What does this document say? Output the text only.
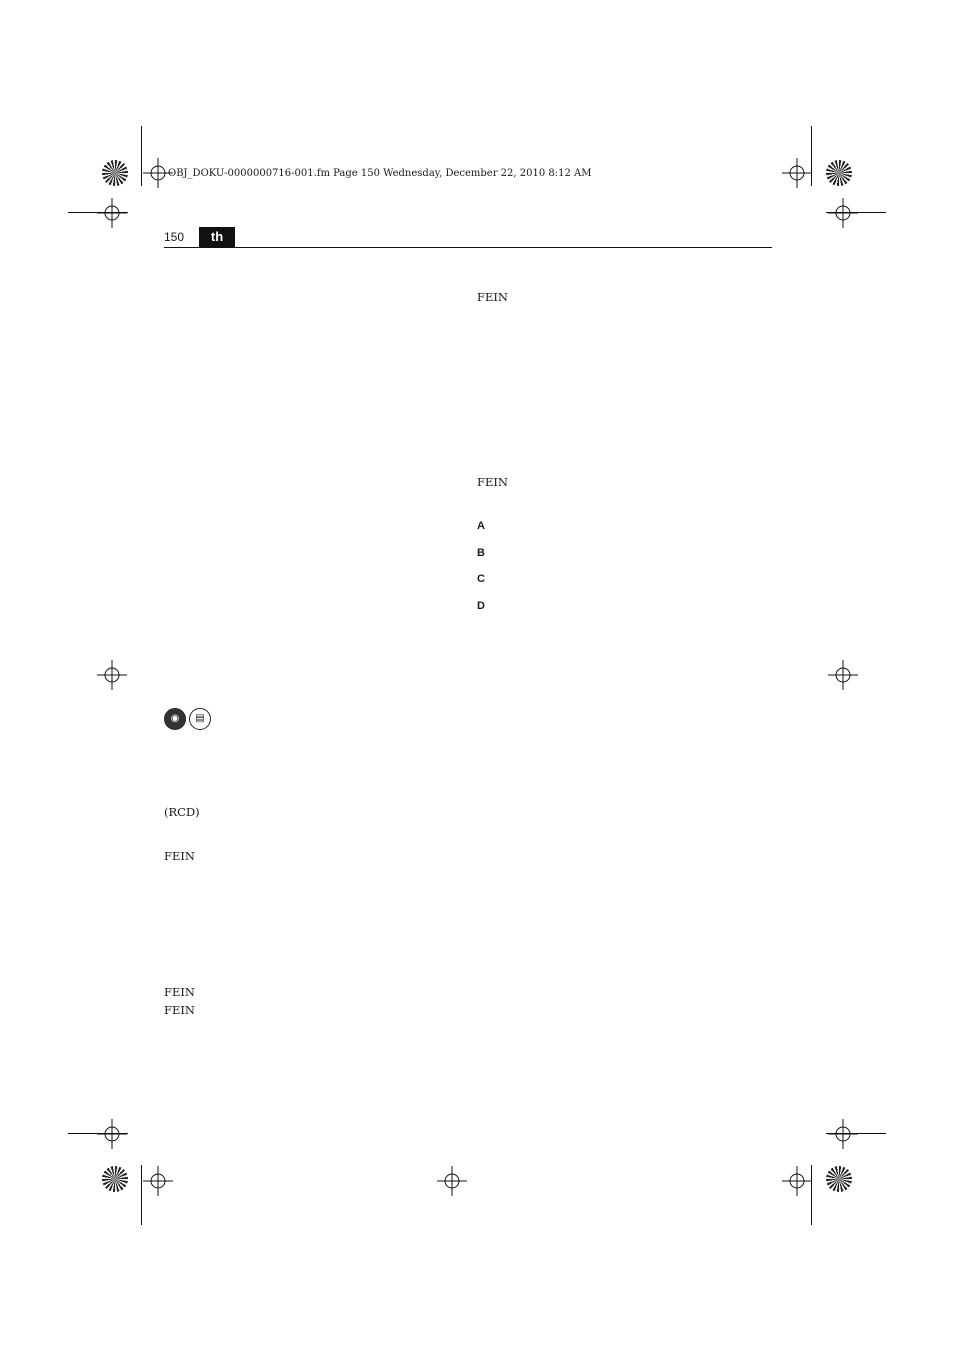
OBJ_DOKU-0000000716-001.fm Page 150 Wednesday, December 22, 2010 8:12 AM
150	th

◉	▤

(RCD)

FEIN

FEIN

FEIN

FEIN

FEIN

A
B
C
D
